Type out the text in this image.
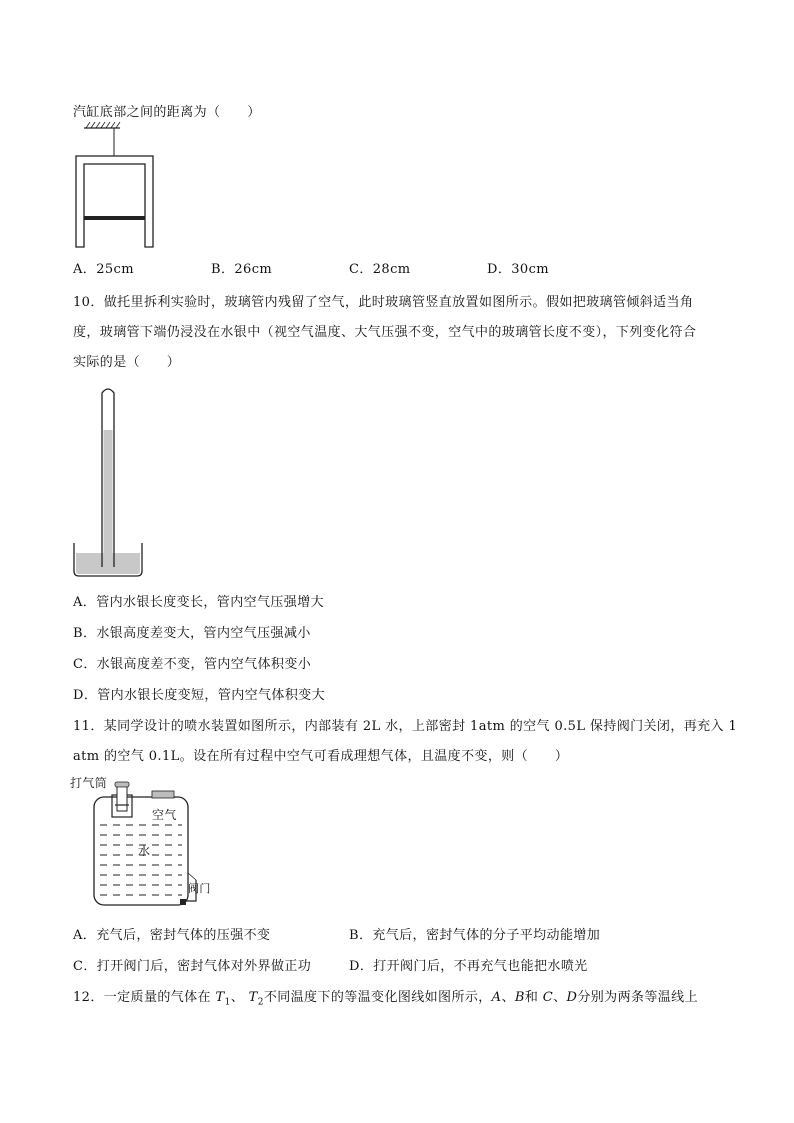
汽缸底部之间的距离为（　　）
A．25cm	B．26cm	C．28cm	D．30cm
10．做托里拆利实验时，玻璃管内残留了空气，此时玻璃管竖直放置如图所示。假如把玻璃管倾斜适当角
度，玻璃管下端仍浸没在水银中（视空气温度、大气压强不变，空气中的玻璃管长度不变），下列变化符合
实际的是（　　）
A．管内水银长度变长，管内空气压强增大
B．水银高度差变大，管内空气压强减小
C．水银高度差不变，管内空气体积变小
D．管内水银长度变短，管内空气体积变大
11．某同学设计的喷水装置如图所示，内部装有 2L 水，上部密封 1atm 的空气 0.5L 保持阀门关闭，再充入 1
atm 的空气 0.1L。设在所有过程中空气可看成理想气体，且温度不变，则（　　）
打气筒
空气
水
阀门
A．充气后，密封气体的压强不变	B．充气后，密封气体的分子平均动能增加
C．打开阀门后，密封气体对外界做正功	D．打开阀门后，不再充气也能把水喷光
12．一定质量的气体在 $T_1$、 $T_2$不同温度下的等温变化图线如图所示，A、B和 C、D分别为两条等温线上
